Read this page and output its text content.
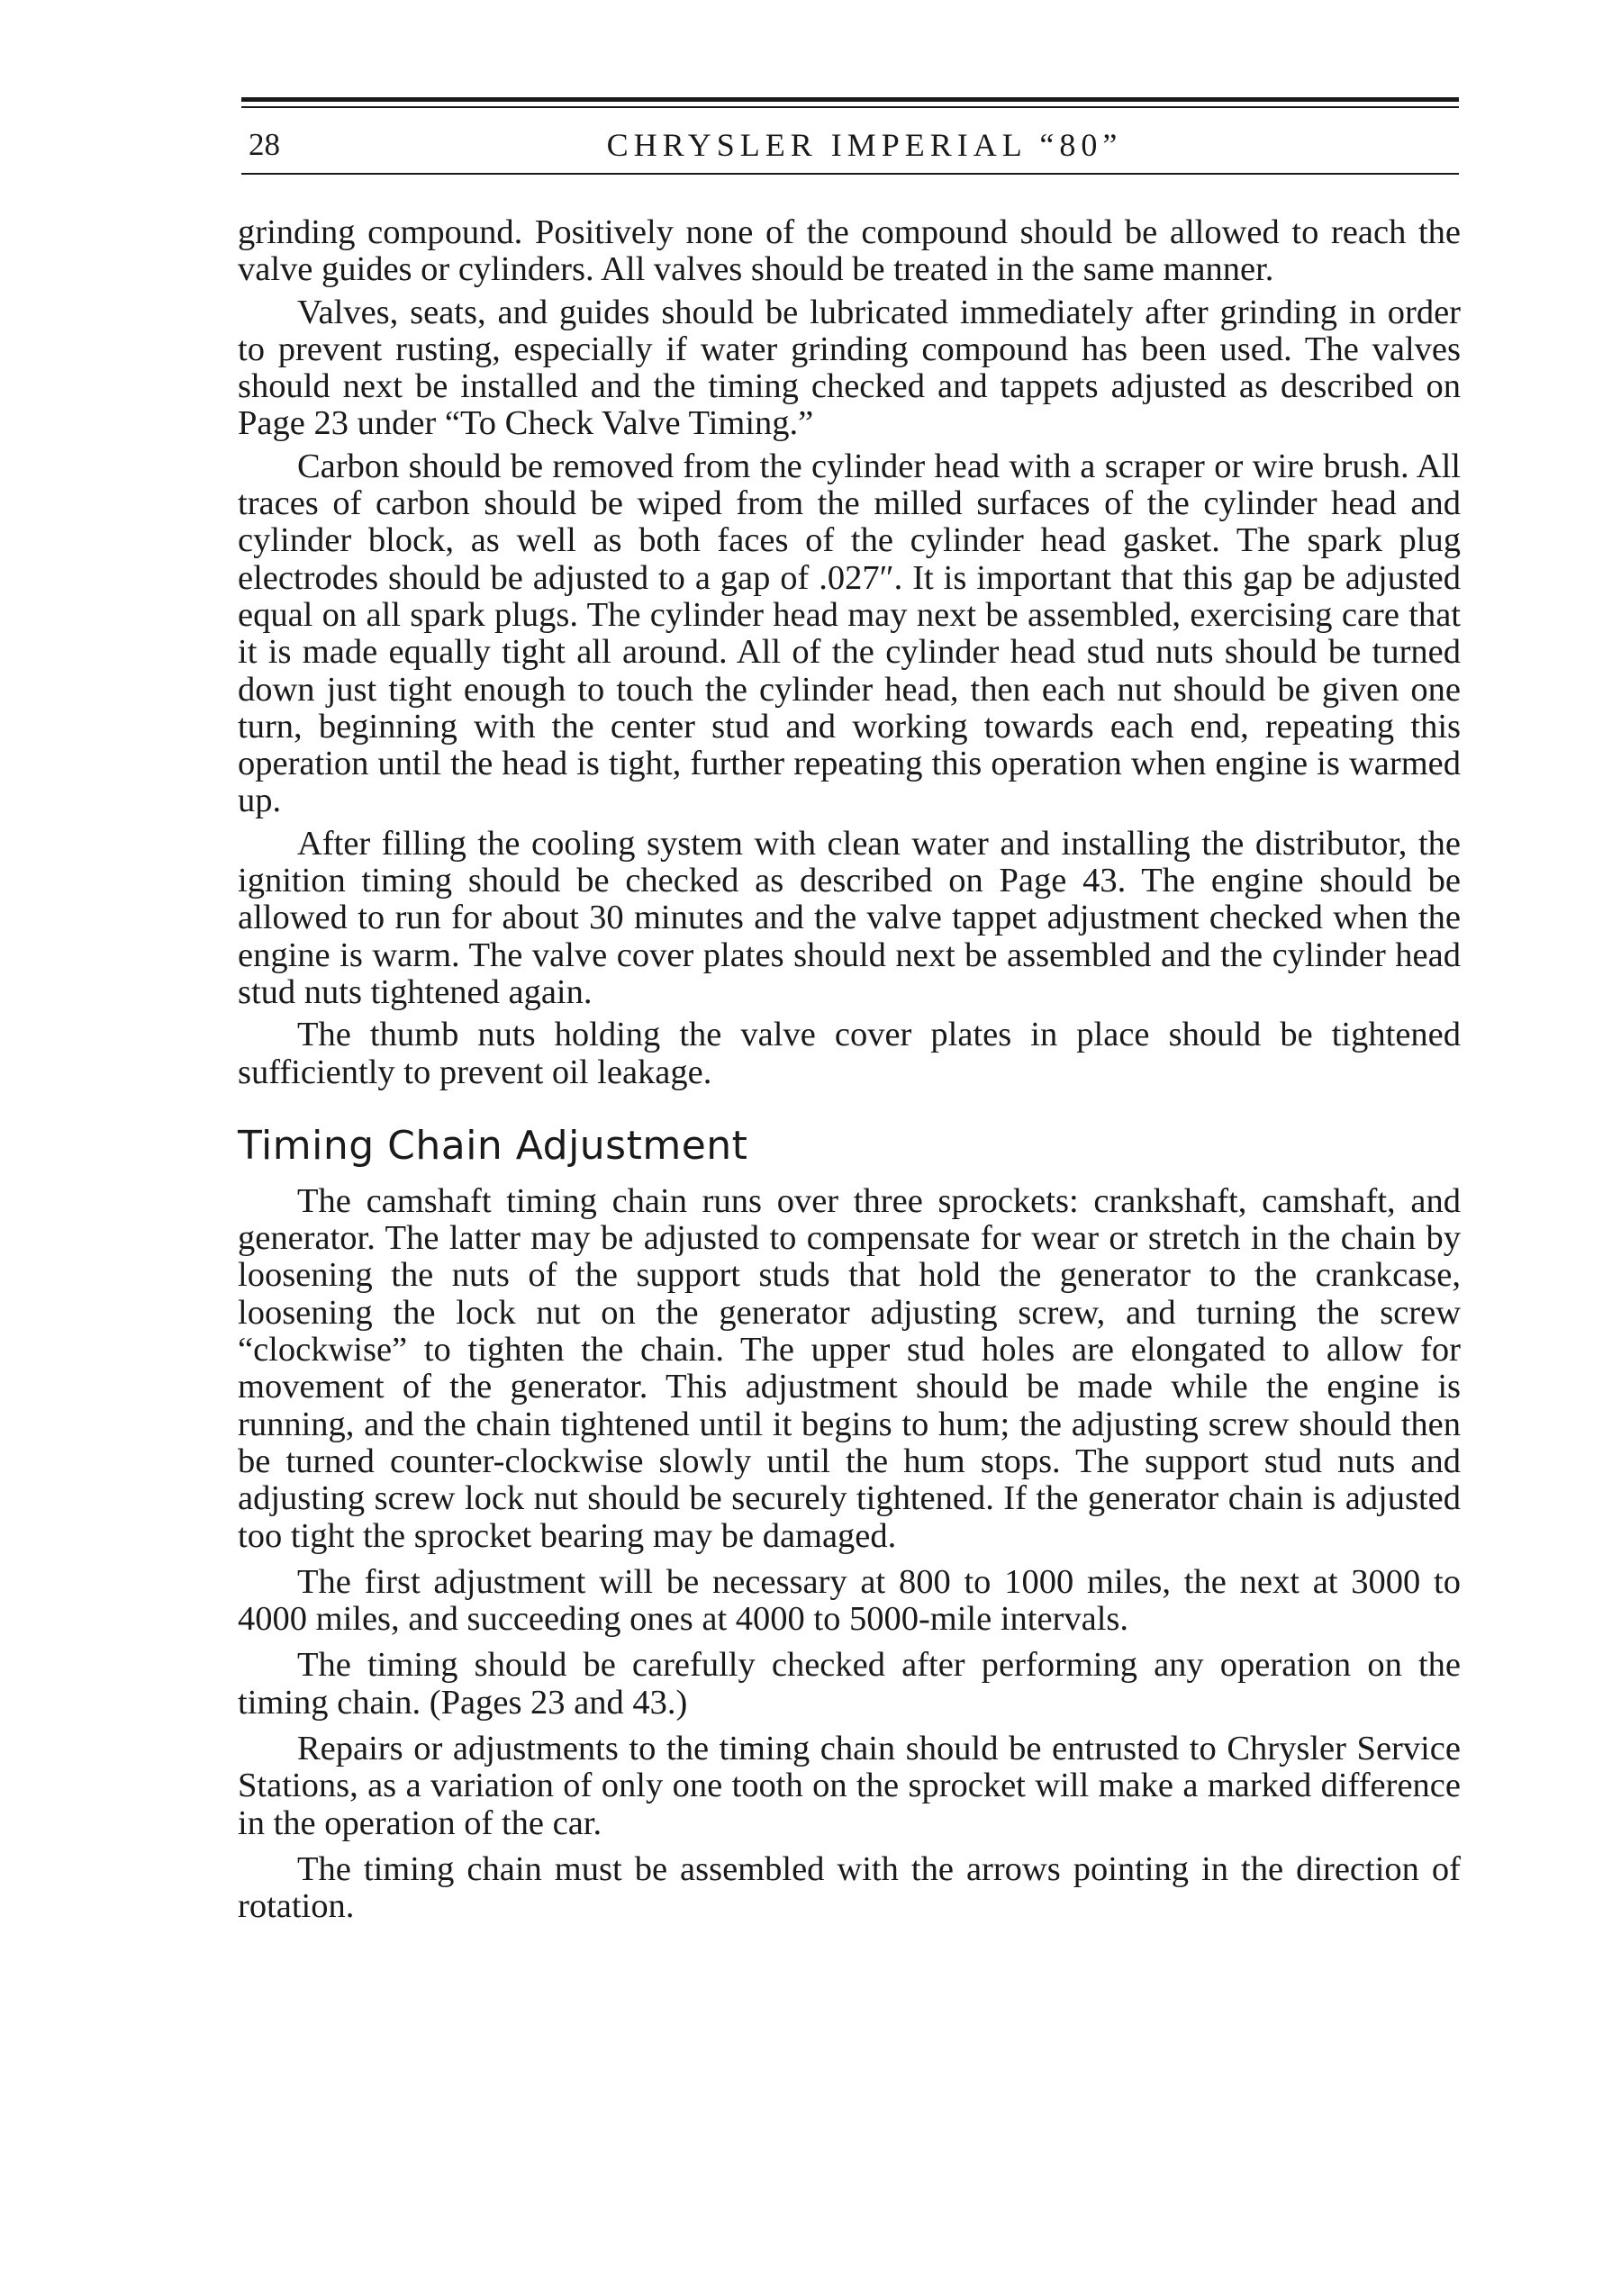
28	CHRYSLER IMPERIAL “80”

grinding compound. Positively none of the compound should be allowed to reach the valve guides or cylinders. All valves should be treated in the same manner.

Valves, seats, and guides should be lubricated immediately after grinding in order to prevent rusting, especially if water grinding compound has been used. The valves should next be installed and the timing checked and tappets adjusted as described on Page 23 under “To Check Valve Timing.”

Carbon should be removed from the cylinder head with a scraper or wire brush. All traces of carbon should be wiped from the milled surfaces of the cylinder head and cylinder block, as well as both faces of the cylinder head gasket. The spark plug electrodes should be adjusted to a gap of .027″. It is important that this gap be adjusted equal on all spark plugs. The cylinder head may next be assembled, exercising care that it is made equally tight all around. All of the cylinder head stud nuts should be turned down just tight enough to touch the cylinder head, then each nut should be given one turn, beginning with the center stud and working towards each end, repeating this operation until the head is tight, further repeating this operation when engine is warmed up.

After filling the cooling system with clean water and installing the distributor, the ignition timing should be checked as described on Page 43. The engine should be allowed to run for about 30 minutes and the valve tappet adjustment checked when the engine is warm. The valve cover plates should next be assembled and the cylinder head stud nuts tightened again.

The thumb nuts holding the valve cover plates in place should be tightened sufficiently to prevent oil leakage.

Timing Chain Adjustment

The camshaft timing chain runs over three sprockets: crankshaft, camshaft, and generator. The latter may be adjusted to compensate for wear or stretch in the chain by loosening the nuts of the support studs that hold the generator to the crankcase, loosening the lock nut on the generator adjusting screw, and turning the screw “clockwise” to tighten the chain. The upper stud holes are elongated to allow for movement of the generator. This adjustment should be made while the engine is running, and the chain tightened until it begins to hum; the adjusting screw should then be turned counter-clockwise slowly until the hum stops. The support stud nuts and adjusting screw lock nut should be securely tightened. If the generator chain is adjusted too tight the sprocket bearing may be damaged.

The first adjustment will be necessary at 800 to 1000 miles, the next at 3000 to 4000 miles, and succeeding ones at 4000 to 5000-mile intervals.

The timing should be carefully checked after performing any operation on the timing chain. (Pages 23 and 43.)

Repairs or adjustments to the timing chain should be entrusted to Chrysler Service Stations, as a variation of only one tooth on the sprocket will make a marked difference in the operation of the car.

The timing chain must be assembled with the arrows pointing in the direction of rotation.
